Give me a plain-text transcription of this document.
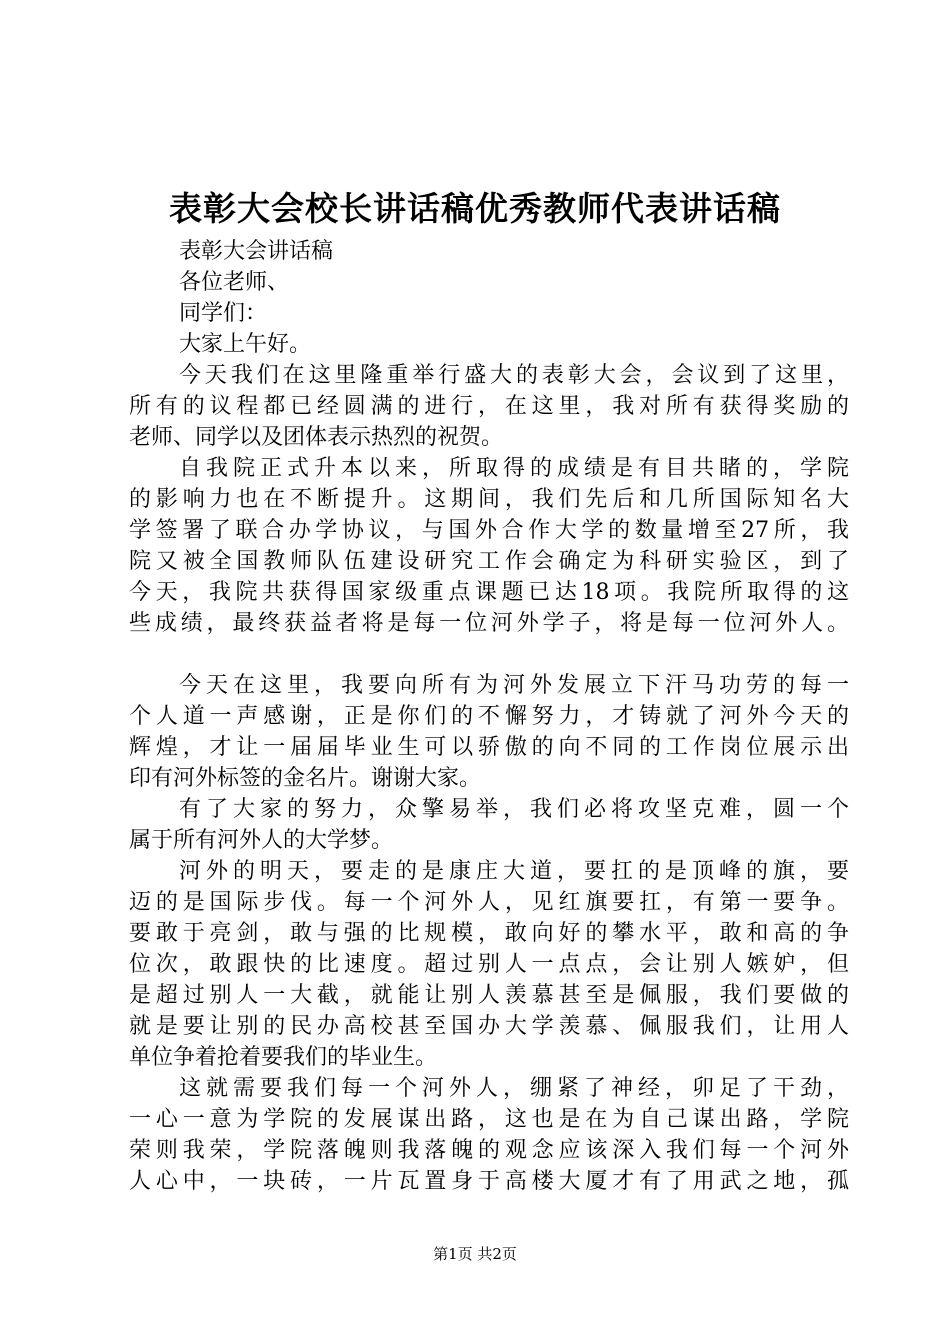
表彰大会校长讲话稿优秀教师代表讲话稿
表彰大会讲话稿
各位老师、
同学们：
大家上午好。
今天我们在这里隆重举行盛大的表彰大会，会议到了这里，
所有的议程都已经圆满的进行，在这里，我对所有获得奖励的
老师、同学以及团体表示热烈的祝贺。
自我院正式升本以来，所取得的成绩是有目共睹的，学院
的影响力也在不断提升。这期间，我们先后和几所国际知名大
学签署了联合办学协议，与国外合作大学的数量增至27所，我
院又被全国教师队伍建设研究工作会确定为科研实验区，到了
今天，我院共获得国家级重点课题已达18项。我院所取得的这
些成绩，最终获益者将是每一位河外学子，将是每一位河外人。
今天在这里，我要向所有为河外发展立下汗马功劳的每一
个人道一声感谢，正是你们的不懈努力，才铸就了河外今天的
辉煌，才让一届届毕业生可以骄傲的向不同的工作岗位展示出
印有河外标签的金名片。谢谢大家。
有了大家的努力，众擎易举，我们必将攻坚克难，圆一个
属于所有河外人的大学梦。
河外的明天，要走的是康庄大道，要扛的是顶峰的旗，要
迈的是国际步伐。每一个河外人，见红旗要扛，有第一要争。
要敢于亮剑，敢与强的比规模，敢向好的攀水平，敢和高的争
位次，敢跟快的比速度。超过别人一点点，会让别人嫉妒，但
是超过别人一大截，就能让别人羡慕甚至是佩服，我们要做的
就是要让别的民办高校甚至国办大学羡慕、佩服我们，让用人
单位争着抢着要我们的毕业生。
这就需要我们每一个河外人，绷紧了神经，卯足了干劲，
一心一意为学院的发展谋出路，这也是在为自己谋出路，学院
荣则我荣，学院落魄则我落魄的观念应该深入我们每一个河外
人心中，一块砖，一片瓦置身于高楼大厦才有了用武之地，孤
第1页 共2页
